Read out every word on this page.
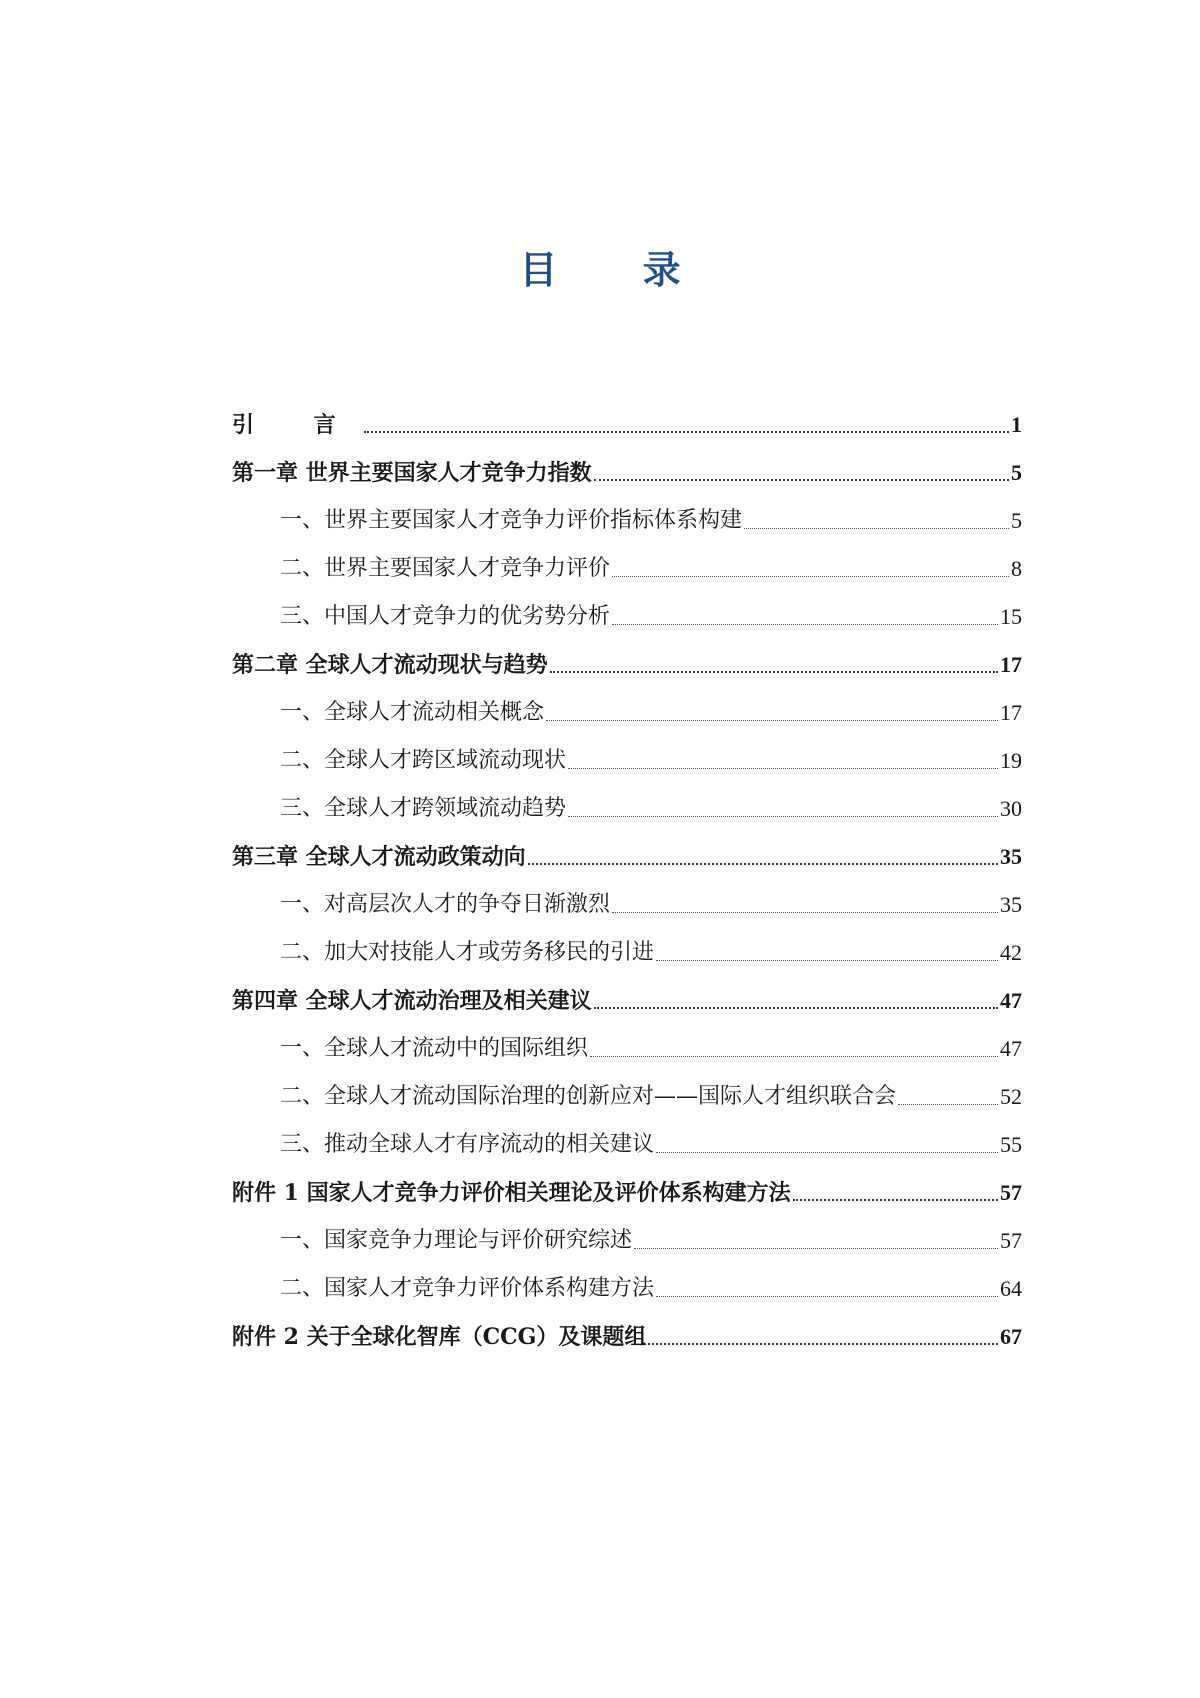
目 录
引 言	1
第一章 世界主要国家人才竞争力指数	5
一、世界主要国家人才竞争力评价指标体系构建	5
二、世界主要国家人才竞争力评价	8
三、中国人才竞争力的优劣势分析	15
第二章 全球人才流动现状与趋势	17
一、全球人才流动相关概念	17
二、全球人才跨区域流动现状	19
三、全球人才跨领域流动趋势	30
第三章 全球人才流动政策动向	35
一、对高层次人才的争夺日渐激烈	35
二、加大对技能人才或劳务移民的引进	42
第四章 全球人才流动治理及相关建议	47
一、全球人才流动中的国际组织	47
二、全球人才流动国际治理的创新应对——国际人才组织联合会	52
三、推动全球人才有序流动的相关建议	55
附件 1 国家人才竞争力评价相关理论及评价体系构建方法	57
一、国家竞争力理论与评价研究综述	57
二、国家人才竞争力评价体系构建方法	64
附件 2 关于全球化智库（CCG）及课题组	67
